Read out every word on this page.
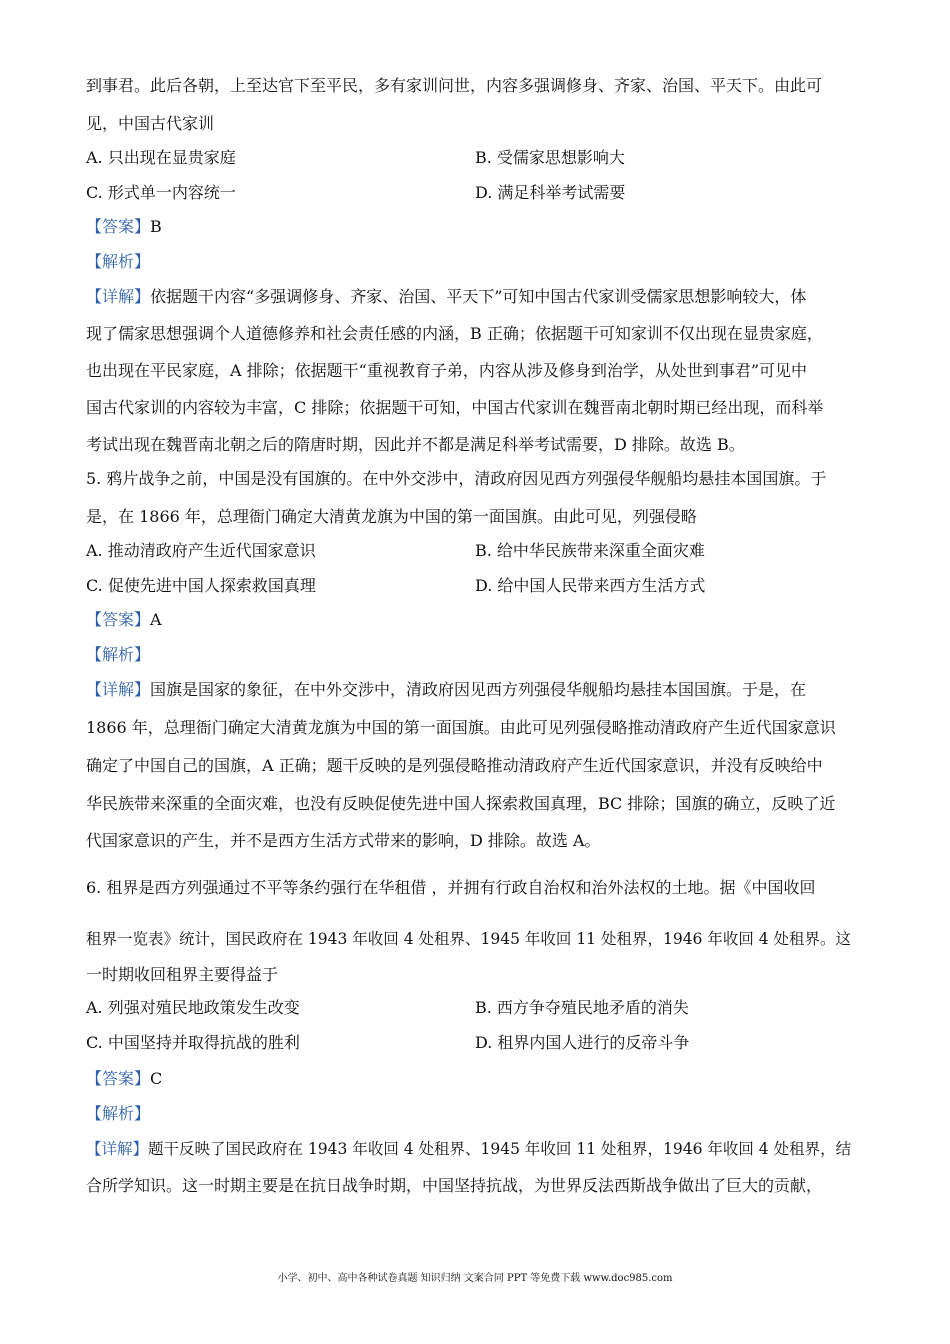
到事君。此后各朝，上至达官下至平民，多有家训问世，内容多强调修身、齐家、治国、平天下。由此可
见，中国古代家训
A. 只出现在显贵家庭	B. 受儒家思想影响大
C. 形式单一内容统一	D. 满足科举考试需要
【答案】B
【解析】
【详解】依据题干内容“多强调修身、齐家、治国、平天下”可知中国古代家训受儒家思想影响较大，体
现了儒家思想强调个人道德修养和社会责任感的内涵，B 正确；依据题干可知家训不仅出现在显贵家庭，
也出现在平民家庭，A 排除；依据题干“重视教育子弟，内容从涉及修身到治学，从处世到事君”可见中
国古代家训的内容较为丰富，C 排除；依据题干可知，中国古代家训在魏晋南北朝时期已经出现，而科举
考试出现在魏晋南北朝之后的隋唐时期，因此并不都是满足科举考试需要，D 排除。故选 B。
5. 鸦片战争之前，中国是没有国旗的。在中外交涉中，清政府因见西方列强侵华舰船均悬挂本国国旗。于
是，在 1866 年，总理衙门确定大清黄龙旗为中国的第一面国旗。由此可见，列强侵略
A. 推动清政府产生近代国家意识	B. 给中华民族带来深重全面灾难
C. 促使先进中国人探索救国真理	D. 给中国人民带来西方生活方式
【答案】A
【解析】
【详解】国旗是国家的象征，在中外交涉中，清政府因见西方列强侵华舰船均悬挂本国国旗。于是，在
1866 年，总理衙门确定大清黄龙旗为中国的第一面国旗。由此可见列强侵略推动清政府产生近代国家意识
确定了中国自己的国旗，A 正确；题干反映的是列强侵略推动清政府产生近代国家意识，并没有反映给中
华民族带来深重的全面灾难，也没有反映促使先进中国人探索救国真理，BC 排除；国旗的确立，反映了近
代国家意识的产生，并不是西方生活方式带来的影响，D 排除。故选 A。
6. 租界是西方列强通过不平等条约强行在华租借 ，并拥有行政自治权和治外法权的土地。据《中国收回
租界一览表》统计，国民政府在 1943 年收回 4 处租界、1945 年收回 11 处租界，1946 年收回 4 处租界。这
一时期收回租界主要得益于
A. 列强对殖民地政策发生改变	B. 西方争夺殖民地矛盾的消失
C. 中国坚持并取得抗战的胜利	D. 租界内国人进行的反帝斗争
【答案】C
【解析】
【详解】题干反映了国民政府在 1943 年收回 4 处租界、1945 年收回 11 处租界，1946 年收回 4 处租界，结
合所学知识。这一时期主要是在抗日战争时期，中国坚持抗战，为世界反法西斯战争做出了巨大的贡献，
小学、初中、高中各种试卷真题 知识归纳 文案合同 PPT 等免费下载 www.doc985.com
